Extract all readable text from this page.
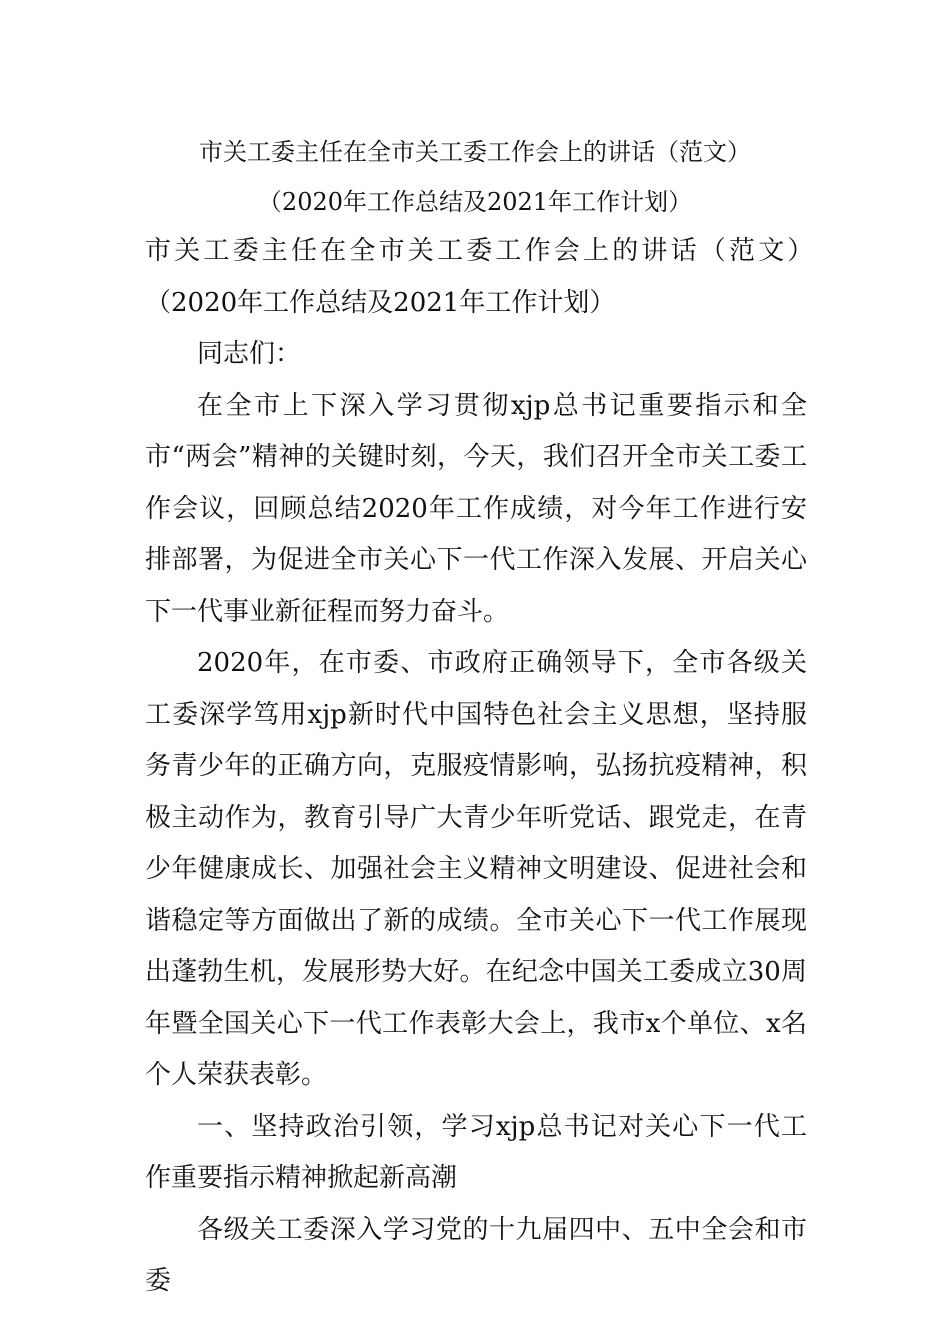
市关工委主任在全市关工委工作会上的讲话（范文）
（2020年工作总结及2021年工作计划）

市关工委主任在全市关工委工作会上的讲话（范文）

（2020年工作总结及2021年工作计划）

同志们：

在全市上下深入学习贯彻xjp总书记重要指示和全市“两会”精神的关键时刻，今天，我们召开全市关工委工作会议，回顾总结2020年工作成绩，对今年工作进行安排部署，为促进全市关心下一代工作深入发展、开启关心下一代事业新征程而努力奋斗。

2020年，在市委、市政府正确领导下，全市各级关工委深学笃用xjp新时代中国特色社会主义思想，坚持服务青少年的正确方向，克服疫情影响，弘扬抗疫精神，积极主动作为，教育引导广大青少年听党话、跟党走，在青少年健康成长、加强社会主义精神文明建设、促进社会和谐稳定等方面做出了新的成绩。全市关心下一代工作展现出蓬勃生机，发展形势大好。在纪念中国关工委成立30周年暨全国关心下一代工作表彰大会上，我市x个单位、x名个人荣获表彰。

一、坚持政治引领，学习xjp总书记对关心下一代工作重要指示精神掀起新高潮

各级关工委深入学习党的十九届四中、五中全会和市委
